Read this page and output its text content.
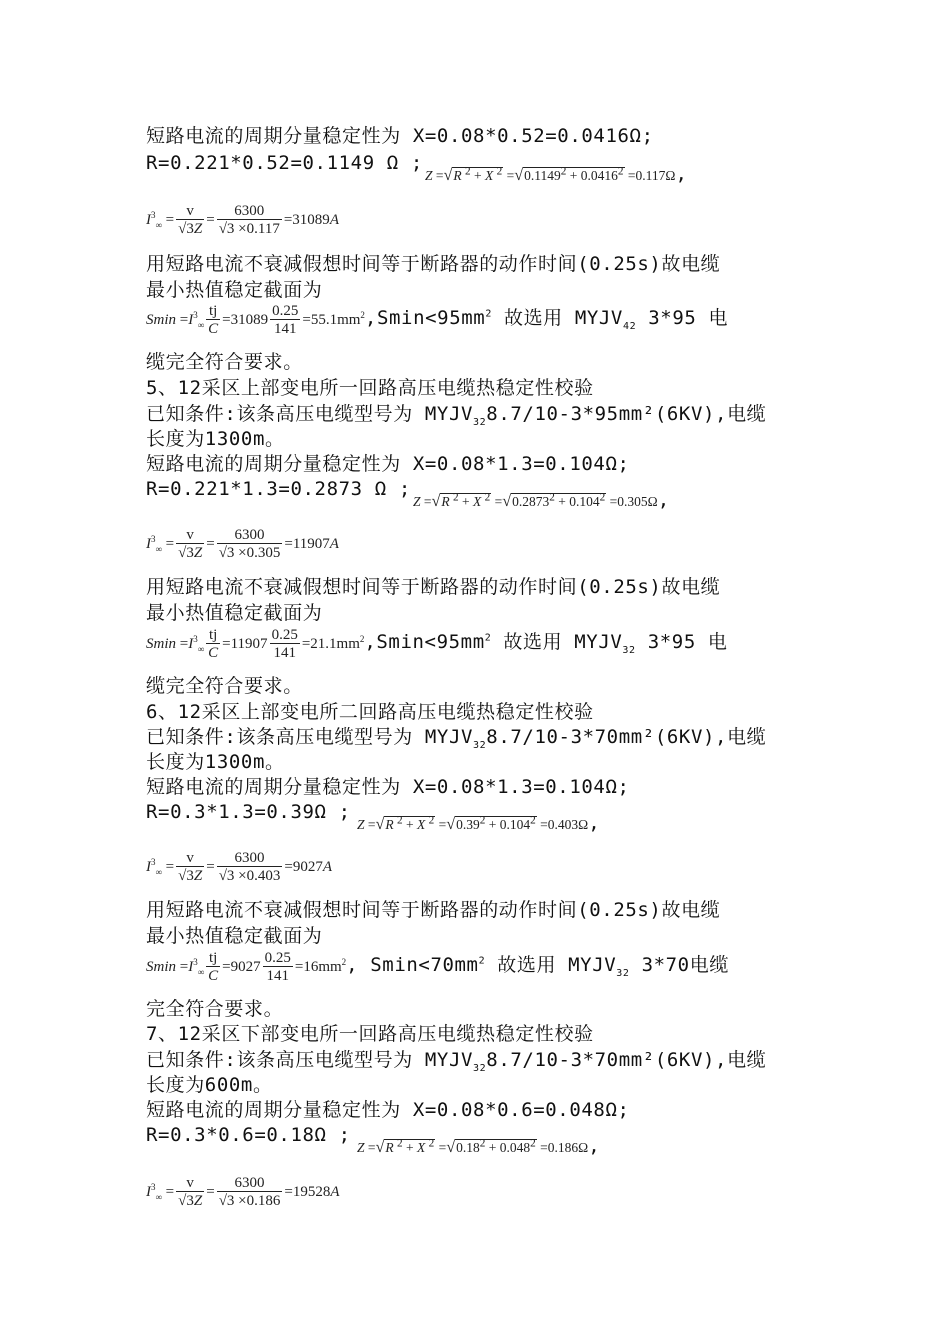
短路电流的周期分量稳定性为 X=0.08*0.52=0.0416Ω;
R=0.221*0.52=0.1149 Ω ;
Z =√R $^2$ + X $^2 =√0.1149^2 + 0.0416^2 =0.117\Omega$,
$I^3_\infty = \frac{v}{√3Z} = \frac{6300}{√3 \times 0.117} =31089A$
用短路电流不衰减假想时间等于断路器的动作时间(0.25s)故电缆
最小热值稳定截面为
$Smin =I^3_\infty \frac{tj}{C} =31089 \frac{0.25}{141} =55.1mm^2,Smin<95mm^2$ 故选用 $MYJV_{42}$ 3*95 电
缆完全符合要求。
5、12采区上部变电所一回路高压电缆热稳定性校验
已知条件:该条高压电缆型号为 $MYJV_{32}8.7/10-3*95mm^2(6KV)$,电缆
长度为1300m。
短路电流的周期分量稳定性为 X=0.08*1.3=0.104Ω;
R=0.221*1.3=0.2873 Ω ;
Z =√R $^2$ + X $^2 =√0.2873^2 + 0.104^2 =0.305\Omega$,
$I^3_\infty = \frac{v}{√3Z} = \frac{6300}{√3 \times 0.305} =11907A$
用短路电流不衰减假想时间等于断路器的动作时间(0.25s)故电缆
最小热值稳定截面为
$Smin =I^3_\infty \frac{tj}{C} =11907 \frac{0.25}{141} =21.1mm^2,Smin<95mm^2$ 故选用 $MYJV_{32}$ 3*95 电
缆完全符合要求。
6、12采区上部变电所二回路高压电缆热稳定性校验
已知条件:该条高压电缆型号为 $MYJV_{32}8.7/10-3*70mm^2(6KV)$,电缆
长度为1300m。
短路电流的周期分量稳定性为 X=0.08*1.3=0.104Ω;
R=0.3*1.3=0.39Ω ;
Z =√R $^2$ + X $^2 =√0.39^2 + 0.104^2 =0.403\Omega$,
$I^3_\infty = \frac{v}{√3Z} = \frac{6300}{√3 \times 0.403} =9027A$
用短路电流不衰减假想时间等于断路器的动作时间(0.25s)故电缆
最小热值稳定截面为
$Smin =I^3_\infty \frac{tj}{C} =9027 \frac{0.25}{141} =16mm^2$, $Smin<70mm^2$ 故选用 $MYJV_{32}$ 3*70电缆
完全符合要求。
7、12采区下部变电所一回路高压电缆热稳定性校验
已知条件:该条高压电缆型号为 $MYJV_{32}8.7/10-3*70mm^2(6KV)$,电缆
长度为600m。
短路电流的周期分量稳定性为 X=0.08*0.6=0.048Ω;
R=0.3*0.6=0.18Ω ;
Z =√R $^2$ + X $^2 =√0.18^2 + 0.048^2 =0.186\Omega$,
$I^3_\infty = \frac{v}{√3Z} = \frac{6300}{√3 \times 0.186} =19528A$
